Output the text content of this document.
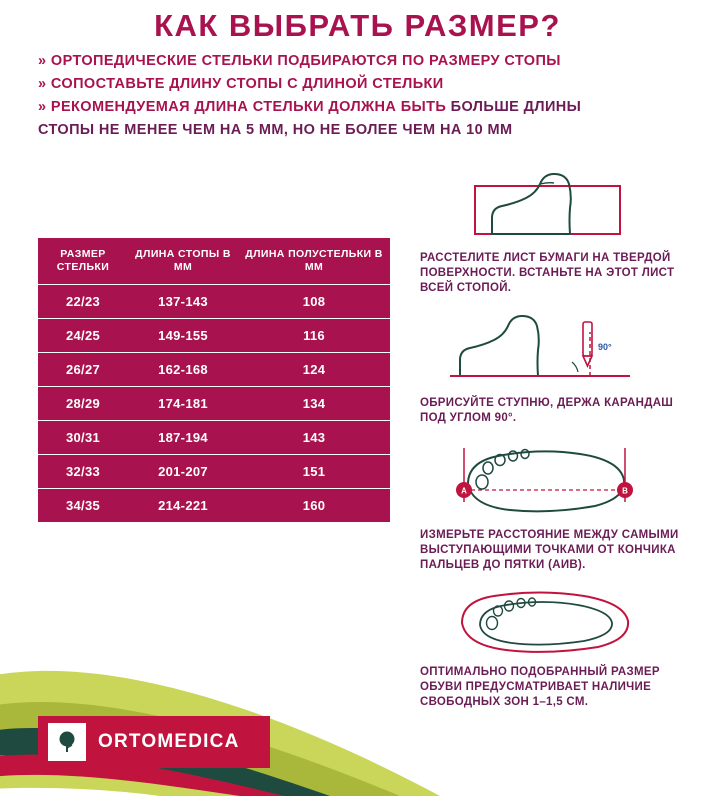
КАК ВЫБРАТЬ РАЗМЕР?
» ОРТОПЕДИЧЕСКИЕ СТЕЛЬКИ ПОДБИРАЮТСЯ ПО РАЗМЕРУ СТОПЫ
» СОПОСТАВЬТЕ ДЛИНУ СТОПЫ С ДЛИНОЙ СТЕЛЬКИ
» РЕКОМЕНДУЕМАЯ ДЛИНА СТЕЛЬКИ ДОЛЖНА БЫТЬ БОЛЬШЕ ДЛИНЫ
СТОПЫ НЕ МЕНЕЕ ЧЕМ НА 5 ММ, НО НЕ БОЛЕЕ ЧЕМ НА 10 ММ
РАЗМЕР СТЕЛЬКИ	ДЛИНА СТОПЫ В ММ	ДЛИНА ПОЛУСТЕЛЬКИ В ММ
22/23	137-143	108
24/25	149-155	116
26/27	162-168	124
28/29	174-181	134
30/31	187-194	143
32/33	201-207	151
34/35	214-221	160
РАССТЕЛИТЕ ЛИСТ БУМАГИ НА ТВЕРДОЙ ПОВЕРХНОСТИ. ВСТАНЬТЕ НА ЭТОТ ЛИСТ ВСЕЙ СТОПОЙ.
90°
ОБРИСУЙТЕ СТУПНЮ, ДЕРЖА КАРАНДАШ ПОД УГЛОМ 90°.
A	B
ИЗМЕРЬТЕ РАССТОЯНИЕ МЕЖДУ САМЫМИ ВЫСТУПАЮЩИМИ ТОЧКАМИ ОТ КОНЧИКА ПАЛЬЦЕВ ДО ПЯТКИ (АИВ).
ОПТИМАЛЬНО ПОДОБРАННЫЙ РАЗМЕР ОБУВИ ПРЕДУСМАТРИВАЕТ НАЛИЧИЕ СВОБОДНЫХ ЗОН 1–1,5 СМ.
ORTOMEDICA
